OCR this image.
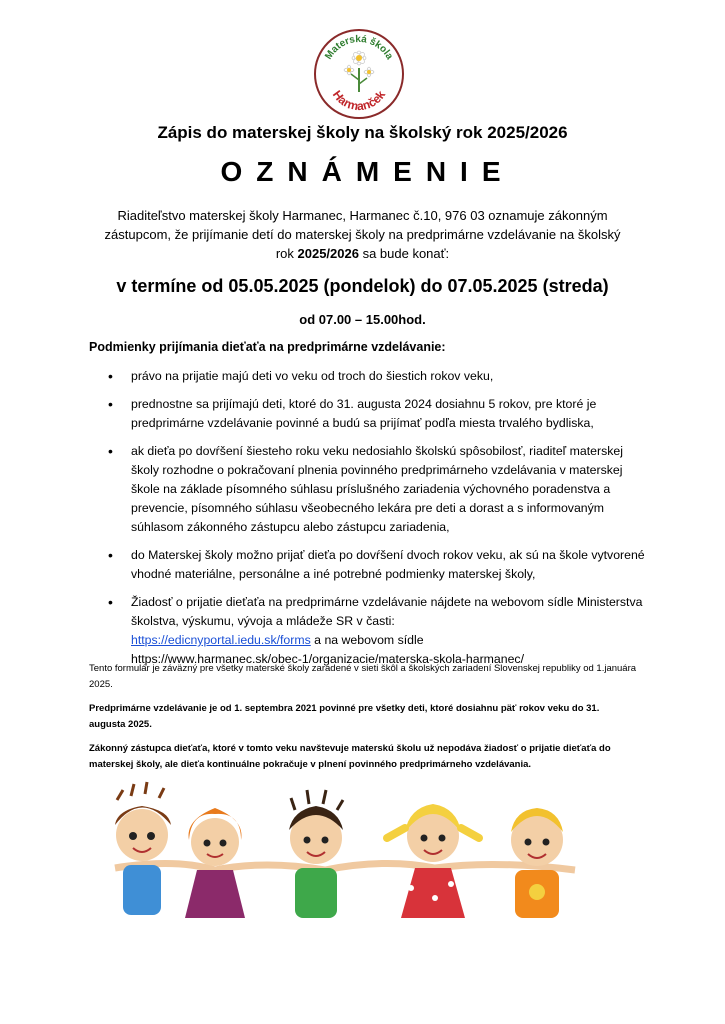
Materská škola
Harmanček
Zápis do materskej školy na školský rok 2025/2026
OZNÁMENIE
Riaditeľstvo materskej školy Harmanec, Harmanec č.10, 976 03 oznamuje zákonným
zástupcom, že prijímanie detí do materskej školy na predprimárne vzdelávanie na školský
rok 2025/2026 sa bude konať:
v termíne od 05.05.2025 (pondelok) do 07.05.2025 (streda)
od 07.00 – 15.00hod.
Podmienky prijímania dieťaťa na predprimárne vzdelávanie:
• právo na prijatie majú deti vo veku od troch do šiestich rokov veku,
• prednostne sa prijímajú deti, ktoré do 31. augusta 2024 dosiahnu 5 rokov, pre ktoré je predprimárne vzdelávanie povinné a budú sa prijímať podľa miesta trvalého bydliska,
• ak dieťa po dovŕšení šiesteho roku veku nedosiahlo školskú spôsobilosť, riaditeľ materskej školy rozhodne o pokračovaní plnenia povinného predprimárneho vzdelávania v materskej škole na základe písomného súhlasu príslušného zariadenia výchovného poradenstva a prevencie, písomného súhlasu všeobecného lekára pre deti a dorast a s informovaným súhlasom zákonného zástupcu alebo zástupcu zariadenia,
• do Materskej školy možno prijať dieťa po dovŕšení dvoch rokov veku, ak sú na škole vytvorené vhodné materiálne, personálne a iné potrebné podmienky materskej školy,
• Žiadosť o prijatie dieťaťa na predprimárne vzdelávanie nájdete na webovom sídle Ministerstva školstva, výskumu, vývoja a mládeže SR v časti:
https://edicnyportal.iedu.sk/forms a na webovom sídle
https://www.harmanec.sk/obec-1/organizacie/materska-skola-harmanec/
Tento formulár je záväzný pre všetky materské školy zaradené v sieti škôl a školských zariadení Slovenskej republiky od 1.januára 2025.
Predprimárne vzdelávanie je od 1. septembra 2021 povinné pre všetky deti, ktoré dosiahnu päť rokov veku do 31. augusta 2025.
Zákonný zástupca dieťaťa, ktoré v tomto veku navštevuje materskú školu už nepodáva žiadosť o prijatie dieťaťa do materskej školy, ale dieťa kontinuálne pokračuje v plnení povinného predprimárneho vzdelávania.
